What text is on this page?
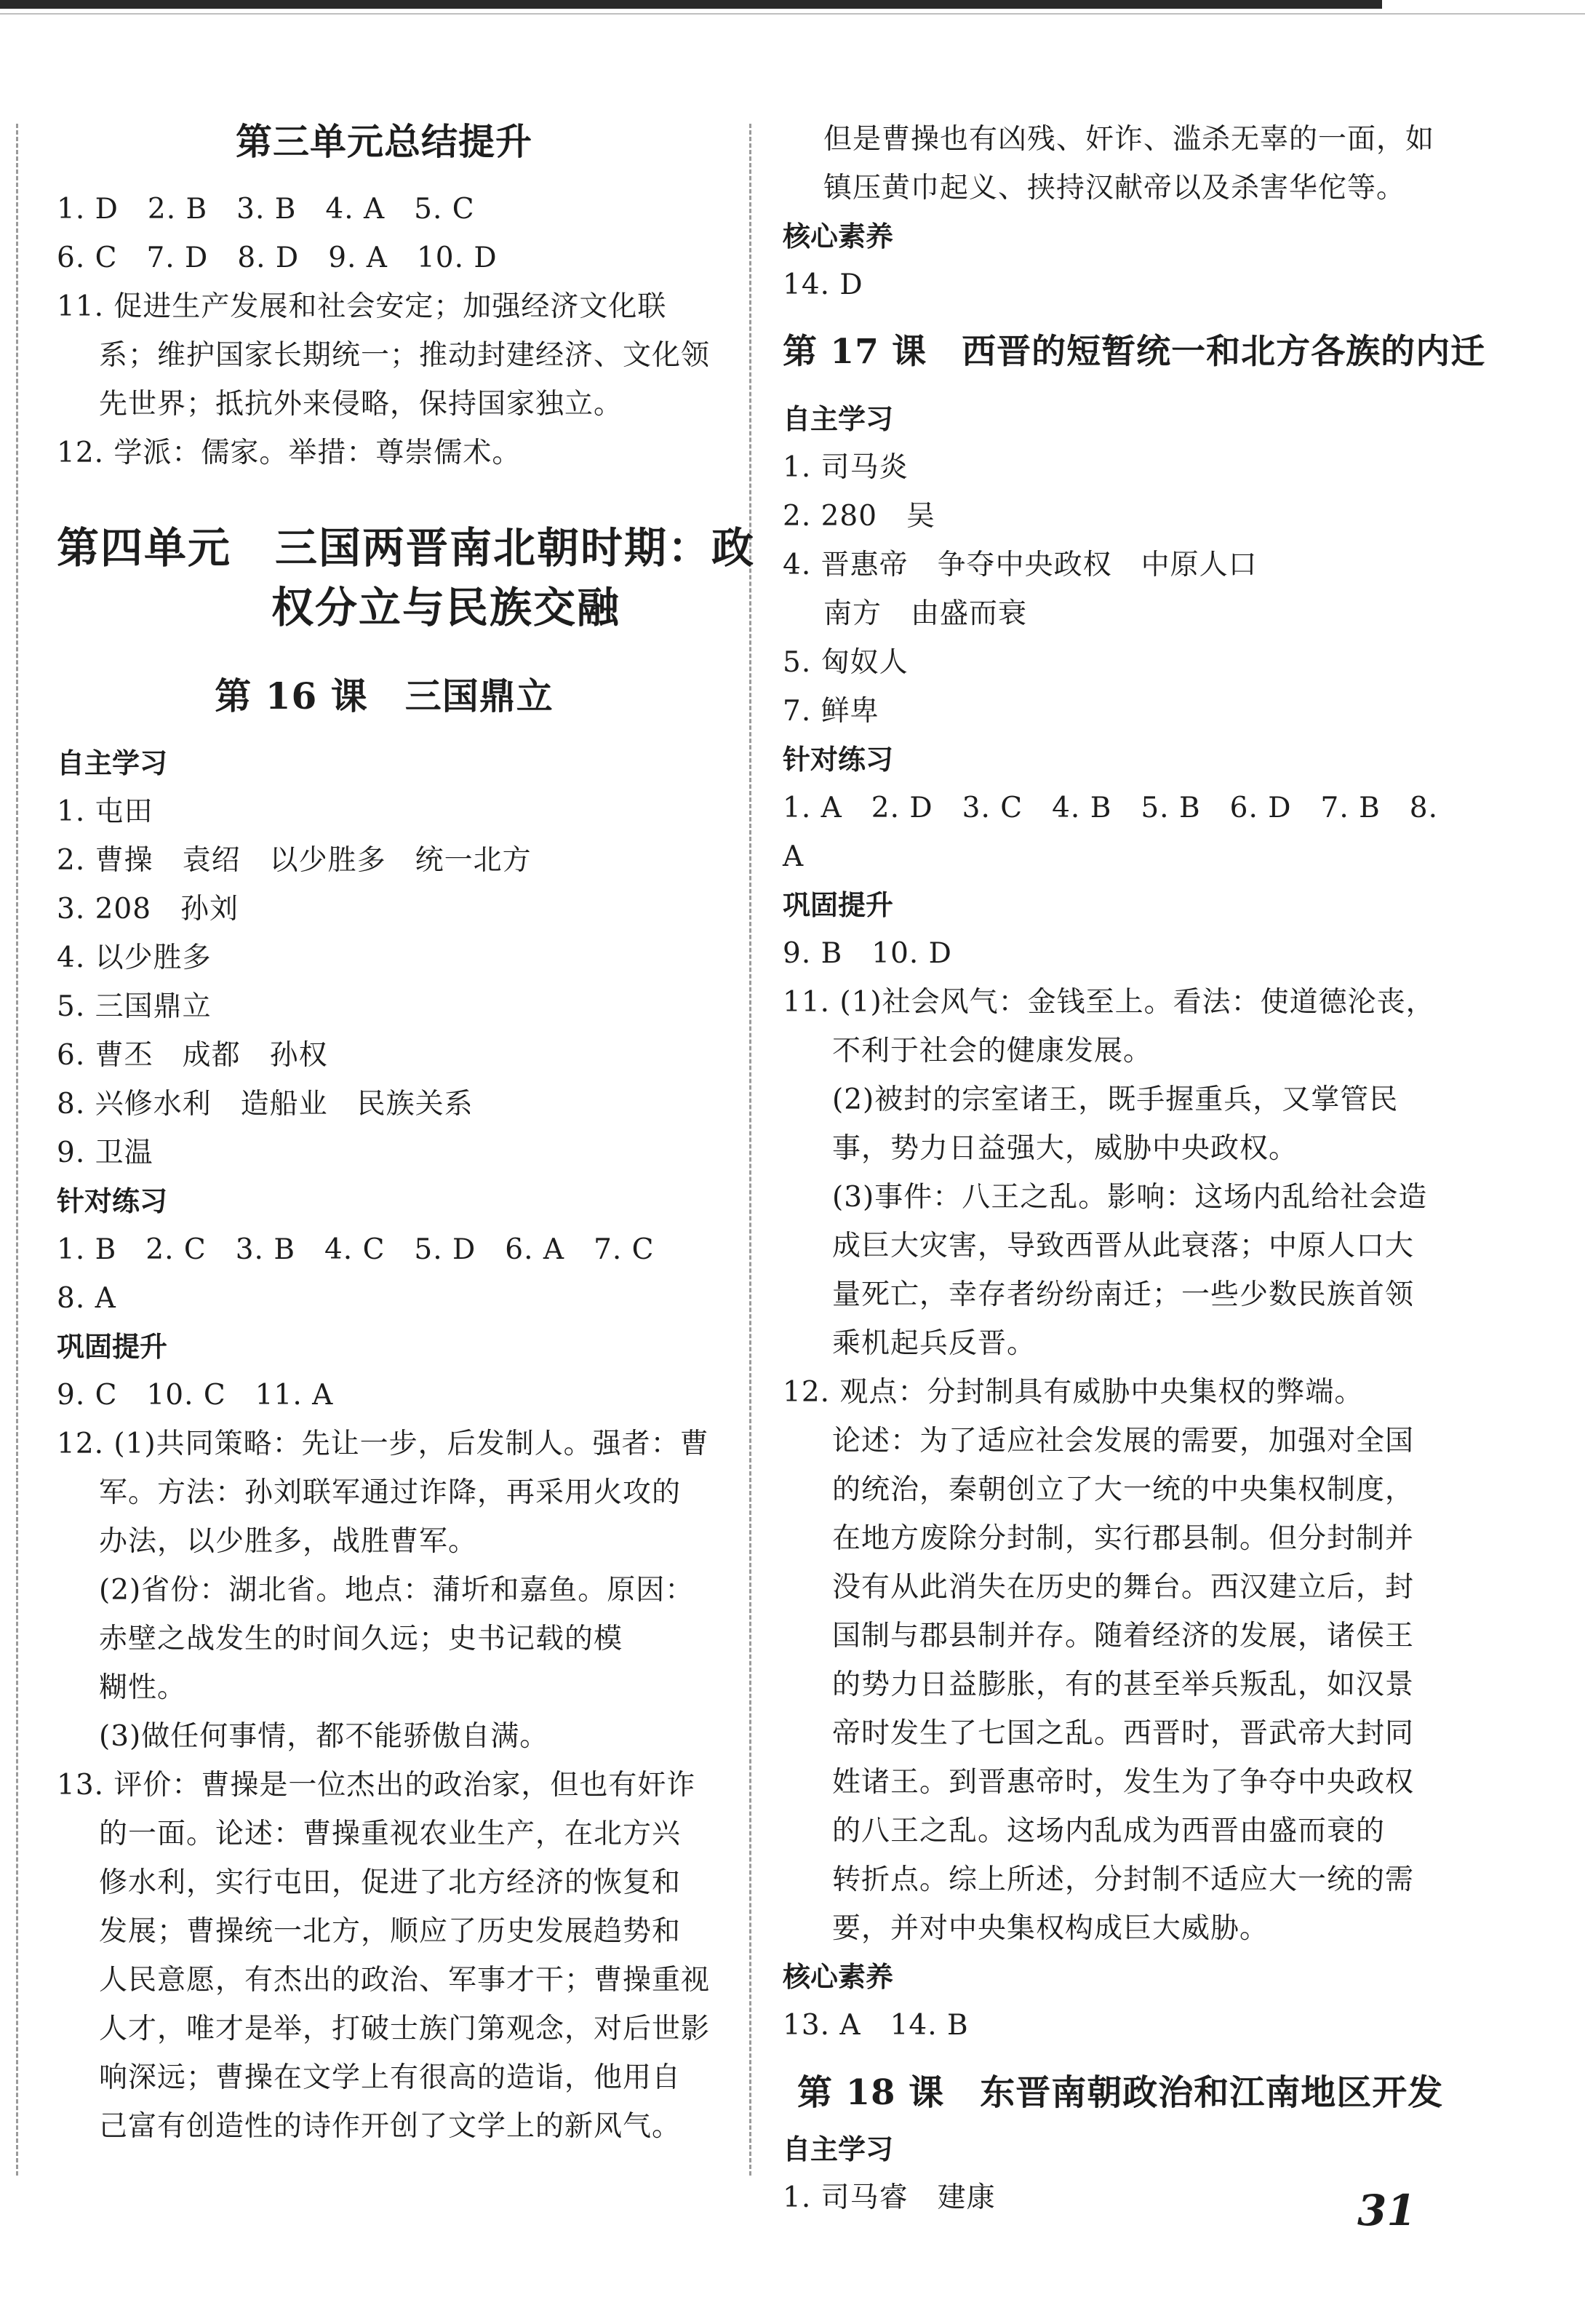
第三单元总结提升
1. D　2. B　3. B　4. A　5. C
6. C　7. D　8. D　9. A　10. D
11. 促进生产发展和社会安定；加强经济文化联
系；维护国家长期统一；推动封建经济、文化领
先世界；抵抗外来侵略，保持国家独立。
12. 学派：儒家。举措：尊崇儒术。
第四单元　三国两晋南北朝时期：政
权分立与民族交融
第 16 课　三国鼎立
自主学习
1. 屯田
2. 曹操　袁绍　以少胜多　统一北方
3. 208　孙刘
4. 以少胜多
5. 三国鼎立
6. 曹丕　成都　孙权
8. 兴修水利　造船业　民族关系
9. 卫温
针对练习
1. B　2. C　3. B　4. C　5. D　6. A　7. C　8. A
巩固提升
9. C　10. C　11. A
12. (1)共同策略：先让一步，后发制人。强者：曹
军。方法：孙刘联军通过诈降，再采用火攻的
办法，以少胜多，战胜曹军。
(2)省份：湖北省。地点：蒲圻和嘉鱼。原因：
赤壁之战发生的时间久远；史书记载的模
糊性。
(3)做任何事情，都不能骄傲自满。
13. 评价：曹操是一位杰出的政治家，但也有奸诈
的一面。论述：曹操重视农业生产，在北方兴
修水利，实行屯田，促进了北方经济的恢复和
发展；曹操统一北方，顺应了历史发展趋势和
人民意愿，有杰出的政治、军事才干；曹操重视
人才，唯才是举，打破士族门第观念，对后世影
响深远；曹操在文学上有很高的造诣，他用自
己富有创造性的诗作开创了文学上的新风气。
但是曹操也有凶残、奸诈、滥杀无辜的一面，如
镇压黄巾起义、挟持汉献帝以及杀害华佗等。
核心素养
14. D
第 17 课　西晋的短暂统一和北方各族的内迁
自主学习
1. 司马炎
2. 280　吴
4. 晋惠帝　争夺中央政权　中原人口
南方　由盛而衰
5. 匈奴人
7. 鲜卑
针对练习
1. A　2. D　3. C　4. B　5. B　6. D　7. B　8. A
巩固提升
9. B　10. D
11. (1)社会风气：金钱至上。看法：使道德沦丧，
不利于社会的健康发展。
(2)被封的宗室诸王，既手握重兵，又掌管民
事，势力日益强大，威胁中央政权。
(3)事件：八王之乱。影响：这场内乱给社会造
成巨大灾害，导致西晋从此衰落；中原人口大
量死亡，幸存者纷纷南迁；一些少数民族首领
乘机起兵反晋。
12. 观点：分封制具有威胁中央集权的弊端。
论述：为了适应社会发展的需要，加强对全国
的统治，秦朝创立了大一统的中央集权制度，
在地方废除分封制，实行郡县制。但分封制并
没有从此消失在历史的舞台。西汉建立后，封
国制与郡县制并存。随着经济的发展，诸侯王
的势力日益膨胀，有的甚至举兵叛乱，如汉景
帝时发生了七国之乱。西晋时，晋武帝大封同
姓诸王。到晋惠帝时，发生为了争夺中央政权
的八王之乱。这场内乱成为西晋由盛而衰的
转折点。综上所述，分封制不适应大一统的需
要，并对中央集权构成巨大威胁。
核心素养
13. A　14. B
第 18 课　东晋南朝政治和江南地区开发
自主学习
1. 司马睿　建康	31
